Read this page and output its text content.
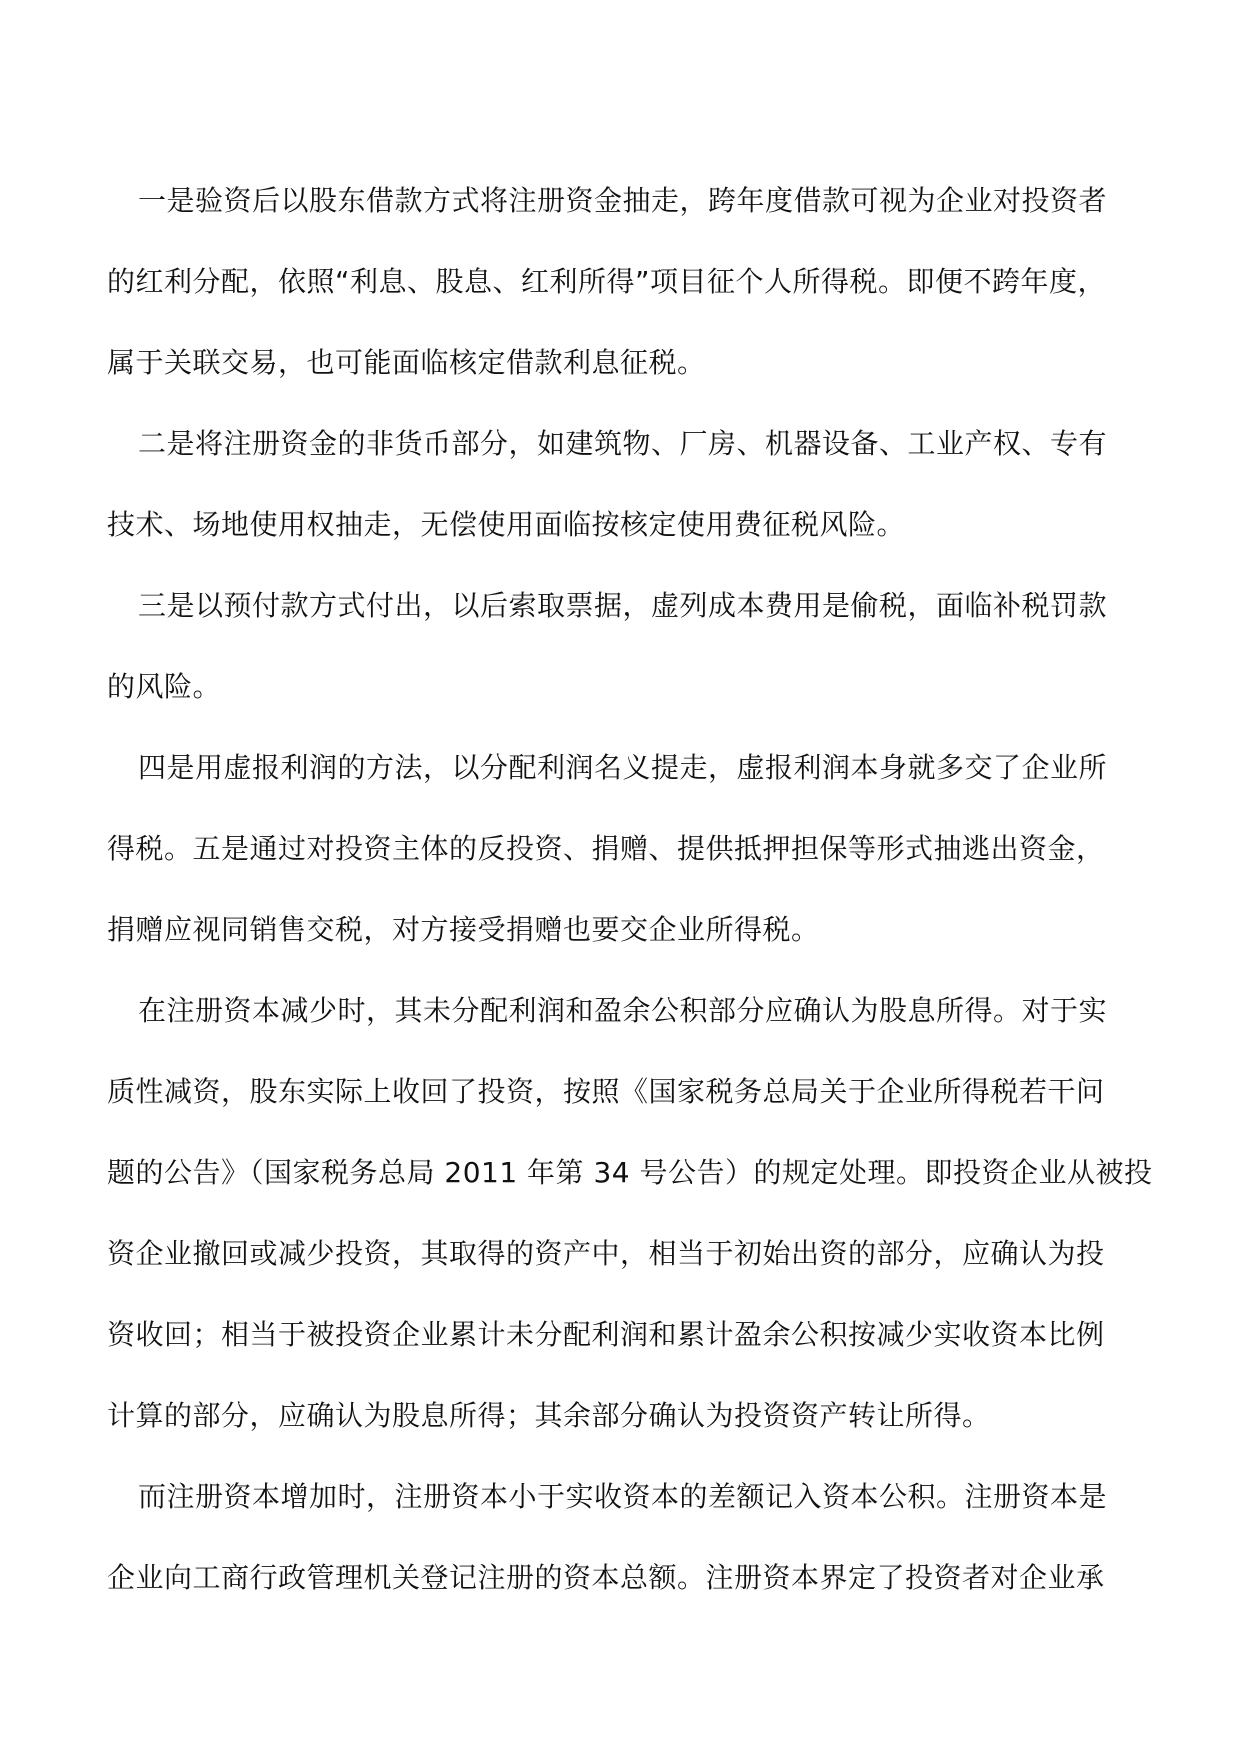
一是验资后以股东借款方式将注册资金抽走，跨年度借款可视为企业对投资者
的红利分配，依照“利息、股息、红利所得”项目征个人所得税。即便不跨年度，
属于关联交易，也可能面临核定借款利息征税。
二是将注册资金的非货币部分，如建筑物、厂房、机器设备、工业产权、专有
技术、场地使用权抽走，无偿使用面临按核定使用费征税风险。
三是以预付款方式付出，以后索取票据，虚列成本费用是偷税，面临补税罚款
的风险。
四是用虚报利润的方法，以分配利润名义提走，虚报利润本身就多交了企业所
得税。五是通过对投资主体的反投资、捐赠、提供抵押担保等形式抽逃出资金，
捐赠应视同销售交税，对方接受捐赠也要交企业所得税。
在注册资本减少时，其未分配利润和盈余公积部分应确认为股息所得。对于实
质性减资，股东实际上收回了投资，按照《国家税务总局关于企业所得税若干问
题的公告》（国家税务总局 2011 年第 34 号公告）的规定处理。即投资企业从被投
资企业撤回或减少投资，其取得的资产中，相当于初始出资的部分，应确认为投
资收回；相当于被投资企业累计未分配利润和累计盈余公积按减少实收资本比例
计算的部分，应确认为股息所得；其余部分确认为投资资产转让所得。
而注册资本增加时，注册资本小于实收资本的差额记入资本公积。注册资本是
企业向工商行政管理机关登记注册的资本总额。注册资本界定了投资者对企业承
